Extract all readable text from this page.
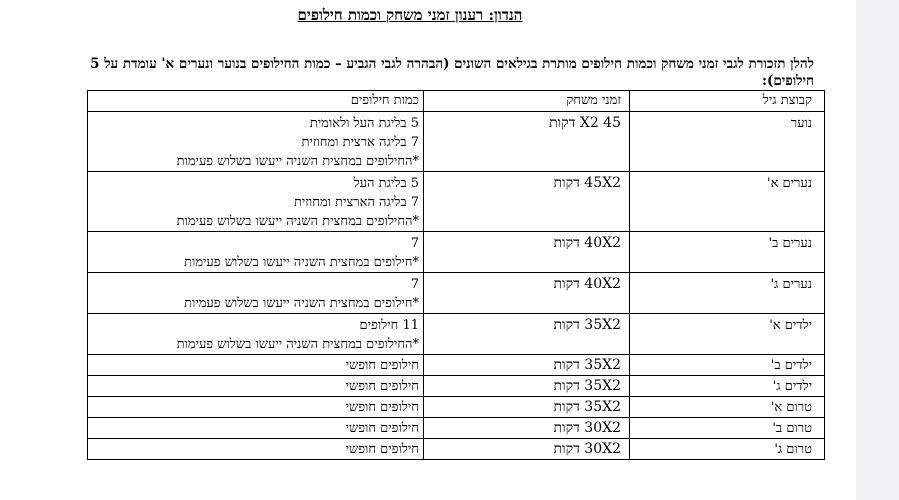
הנדון: רענון זמני משחק וכמות חילופים
להלן תזכורת לגבי זמני משחק וכמות חילופים מותרת בגילאים השונים (הבהרה לגבי הגביע – כמות החילופים בנוער ונערים א' עומדת על 5 חילופים):
קבוצת גיל	זמני משחק	כמות חילופים
נוער	X2 45 דקות	5 בליגת העל ולאומית
7 בליגה ארצית ומחוזית
*החילופים במחצית השניה ייעשו בשלוש פעימות

נערים א'	45X2 דקות	5 בליגת העל
7 בליגה הארצית ומחוזית
*החילופים במחצית השניה ייעשו בשלוש פעימות

נערים ב'	40X2 דקות	7
*חילופים במחצית השניה ייעשו בשלוש פעימות

נערים ג'	40X2 דקות	7
*חילופים במחצית השניה ייעשו בשלוש פעמיות

ילדים א'	35X2 דקות	11 חילופים
*החילופים במחצית השניה ייעשו בשלוש פעימות

ילדים ב'	35X2 דקות	חילופים חופשי

ילדים ג'	35X2 דקות	חילופים חופשי

טרום א'	35X2 דקות	חילופים חופשי

טרום ב'	30X2 דקות	חילופים חופשי

טרום ג'	30X2 דקות	חילופים חופשי
